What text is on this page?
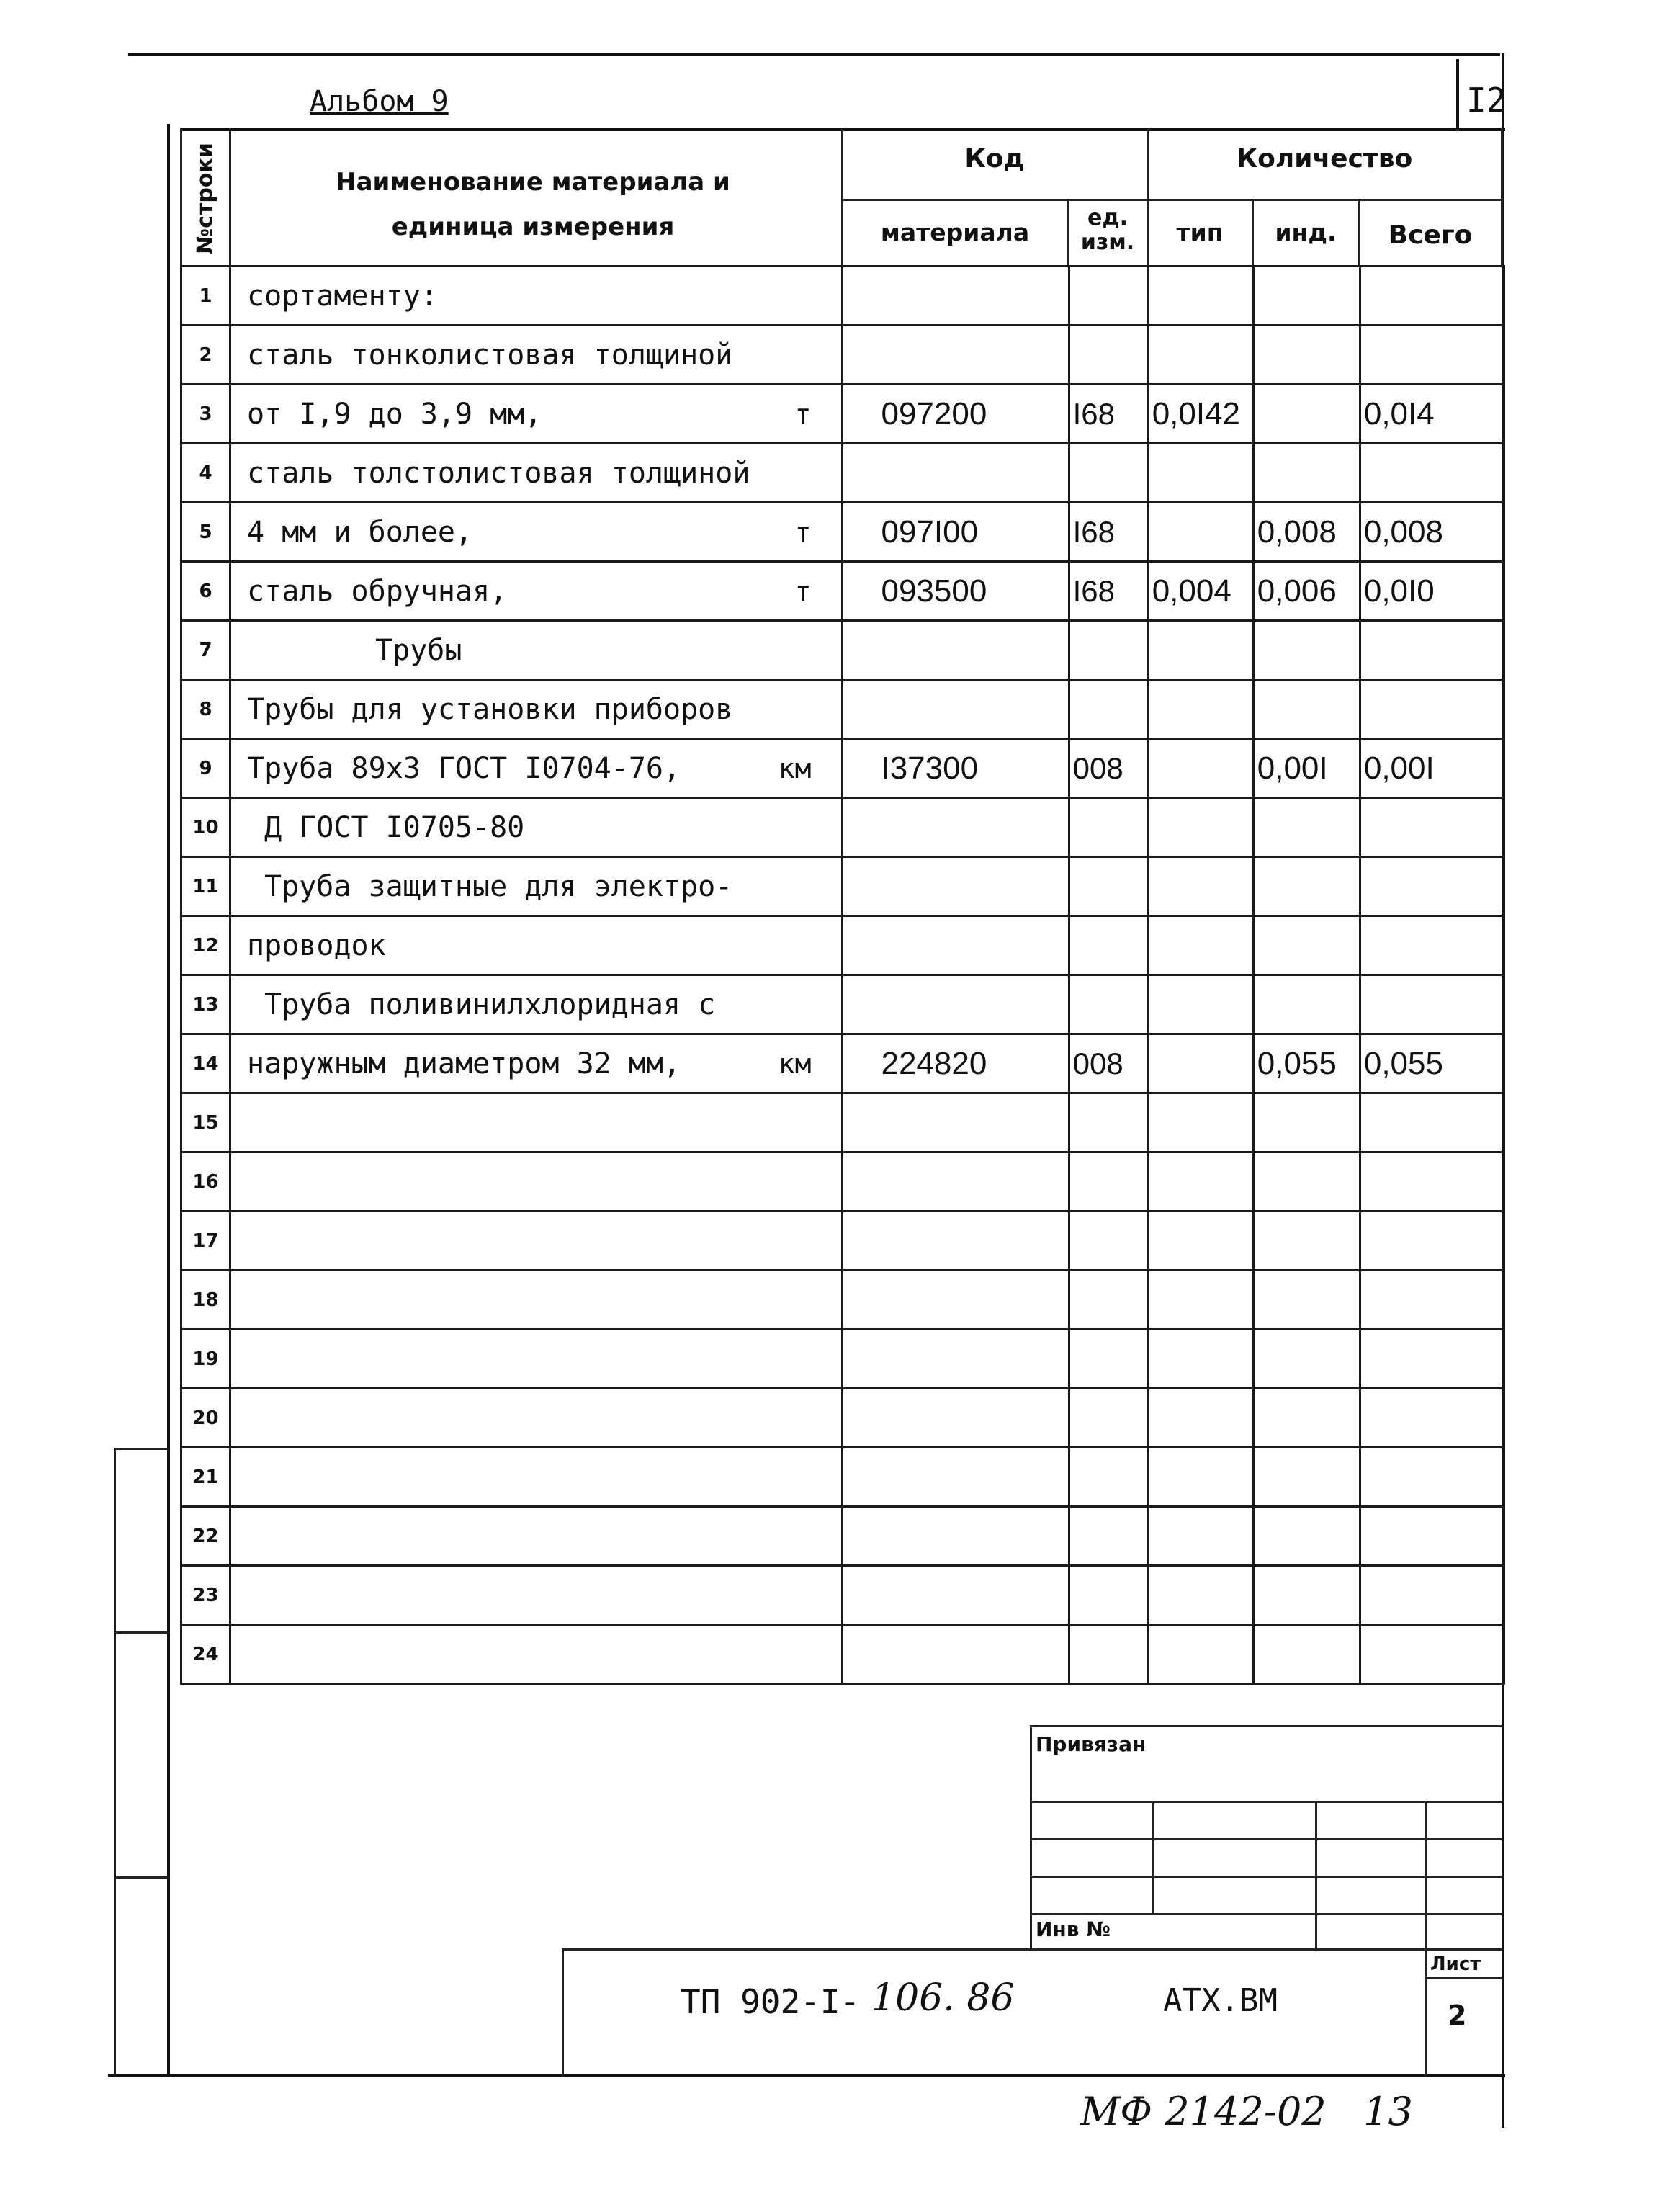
Альбом 9	I2
№строки	Наименование материала и единица измерения
Код
материала
ед. изм.
Количество
тип	инд.	Всего
1	сортаменту:

2	сталь тонколистовая толщиной

3	от I,9 до 3,9 мм, т	097200	I68	0,0I42		0,0I4
4	сталь толстолистовая толщиной

5	4 мм и более, т	097I00	I68		0,008	0,008
6	сталь обручная, т	093500	I68	0,004	0,006	0,0I0
7	Трубы

8	Трубы для установки приборов

9	Труба 89х3 ГОСТ I0704-76, км	I37300	008		0,00I	0,00I
10	Д ГОСТ I0705-80

11	Труба защитные для электро-

12	проводок

13	Труба поливинилхлоридная с

14	наружным диаметром 32 мм, км	224820	008		0,055	0,055
15	

16	

17	

18	

19	

20	

21	

22	

23	

24	

Привязан
Инв №
ТП 902-I- 106. 86	АТХ.ВМ
Лист
2
МФ 2142-02   13
